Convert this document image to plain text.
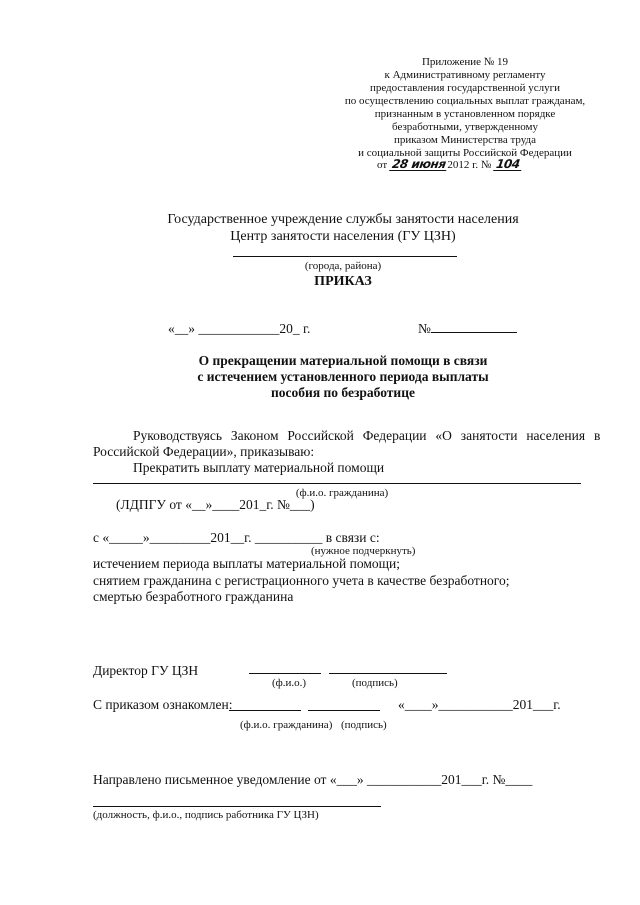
Приложение № 19
к Административному регламенту
предоставления государственной услуги
по осуществлению социальных выплат гражданам,
признанным в установленном порядке
безработными, утвержденному
приказом Министерства труда
и социальной защиты Российской Федерации
от 28 июня2012 г. № 104
Государственное учреждение службы занятости населения
Центр занятости населения (ГУ ЦЗН)
(города, района)
ПРИКАЗ
«__» ____________20_ г.	№
О прекращении материальной помощи в связи
с истечением установленного периода выплаты
пособия по безработице
Руководствуясь Законом Российской Федерации «О занятости населения в
Российской Федерации», приказываю:
Прекратить выплату материальной помощи
(ф.и.о. гражданина)
(ЛДПГУ от «__»____201_г. №___)
с «_____»_________201__г. __________ в связи с:
(нужное подчеркнуть)
истечением периода выплаты материальной помощи;
снятием гражданина с регистрационного учета в качестве безработного;
смертью безработного гражданина
Директор ГУ ЦЗН
(ф.и.о.)	(подпись)
С приказом ознакомлен:	«____»___________201___г.
(ф.и.о. гражданина) (подпись)
Направлено письменное уведомление от «___» ___________201___г. №____
(должность, ф.и.о., подпись работника ГУ ЦЗН)
